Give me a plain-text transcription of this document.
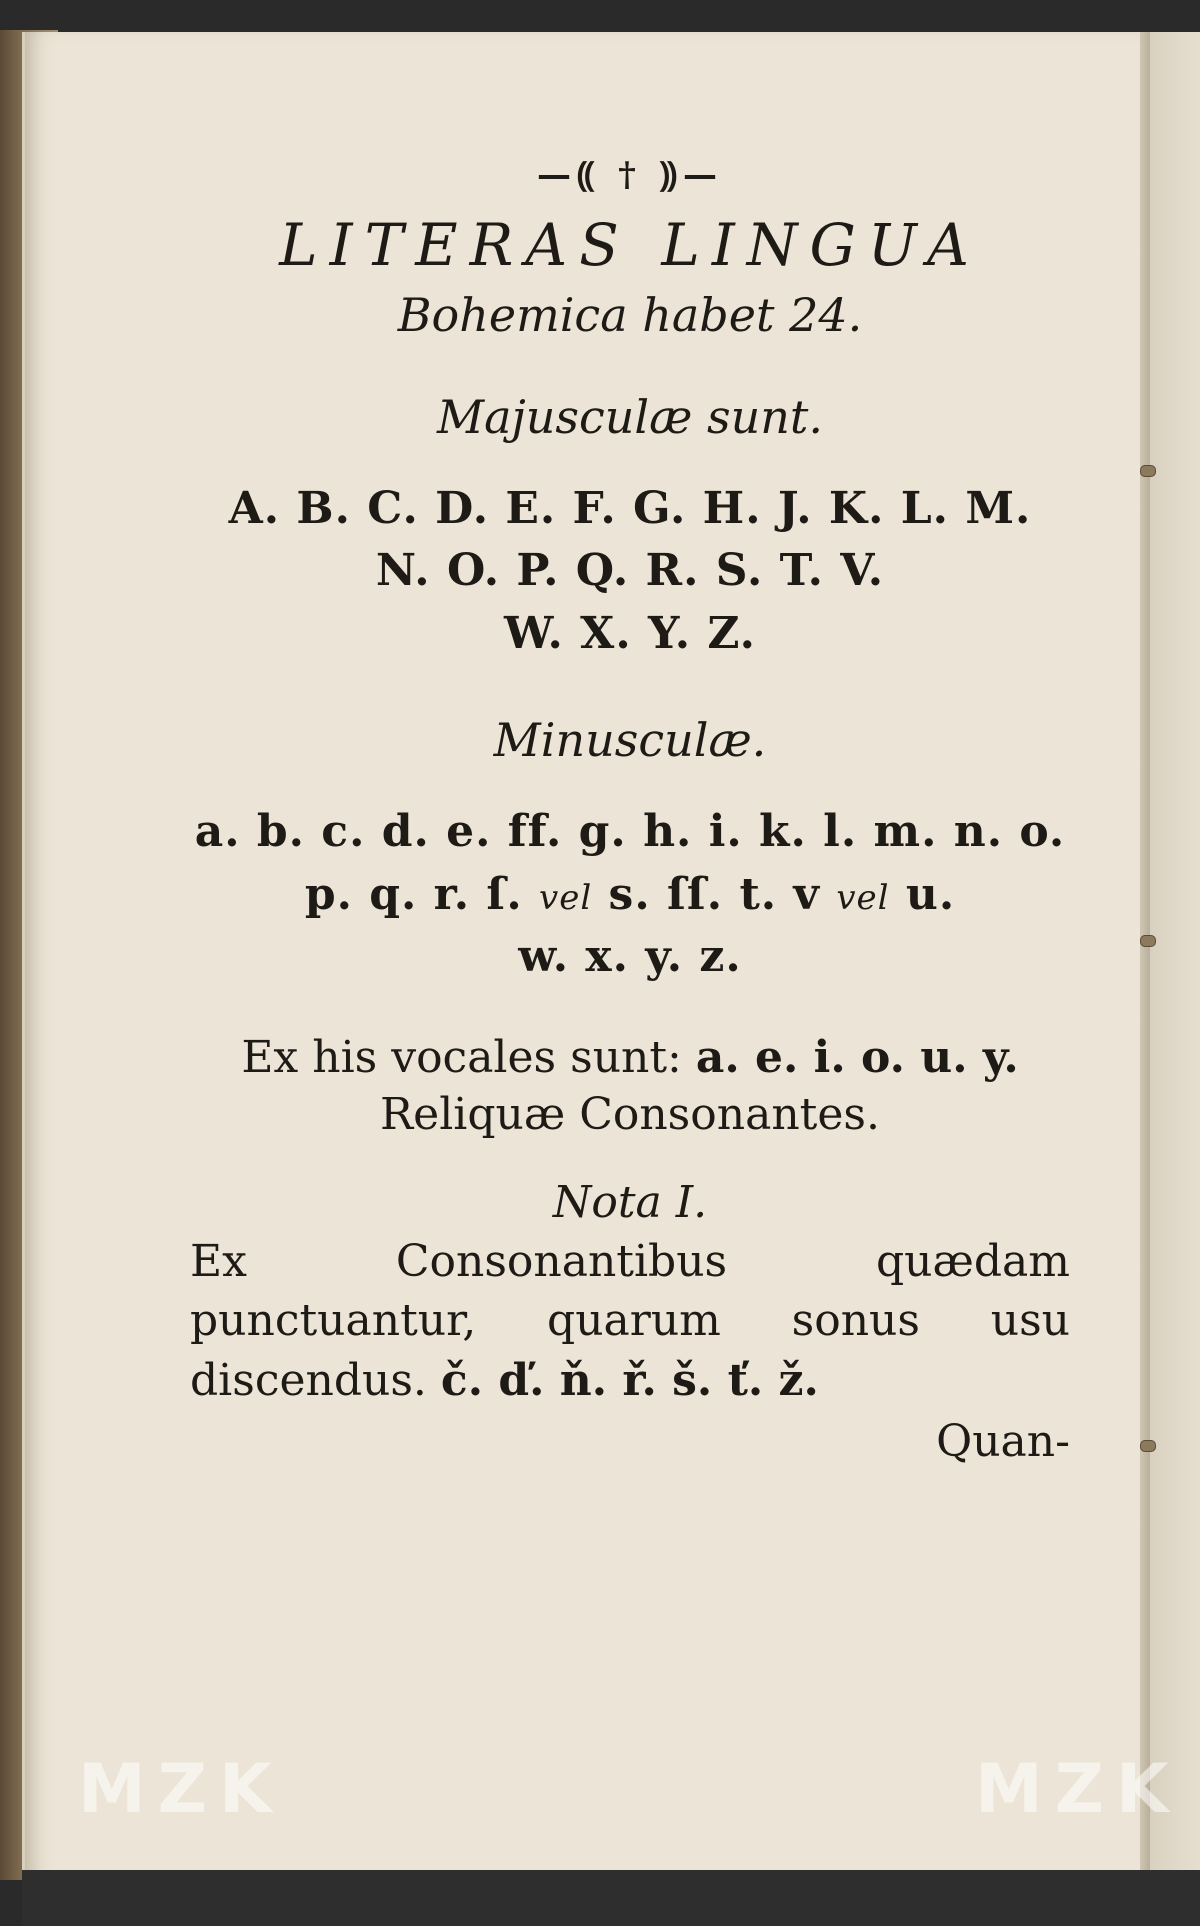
—⸨ † ⸩—
LITERAS LINGUA
Bohemica habet 24.
Majusculæ sunt.
A. B. C. D. E. F. G. H. J. K. L. M.
N. O. P. Q. R. S. T. V.
W. X. Y. Z.
Minusculæ.
a. b. c. d. e. ff. g. h. i. k. l. m. n. o.
p. q. r. ſ. vel s. ſſ. t. v vel u.
w. x. y. z.
Ex his vocales sunt: a. e. i. o. u. y.
Reliquæ Consonantes.
Nota I.
Ex Consonantibus quædam punctuantur, quarum sonus usu discendus. č. ď. ň. ř. š. ť. ž.
Quan-
MZK	MZK
